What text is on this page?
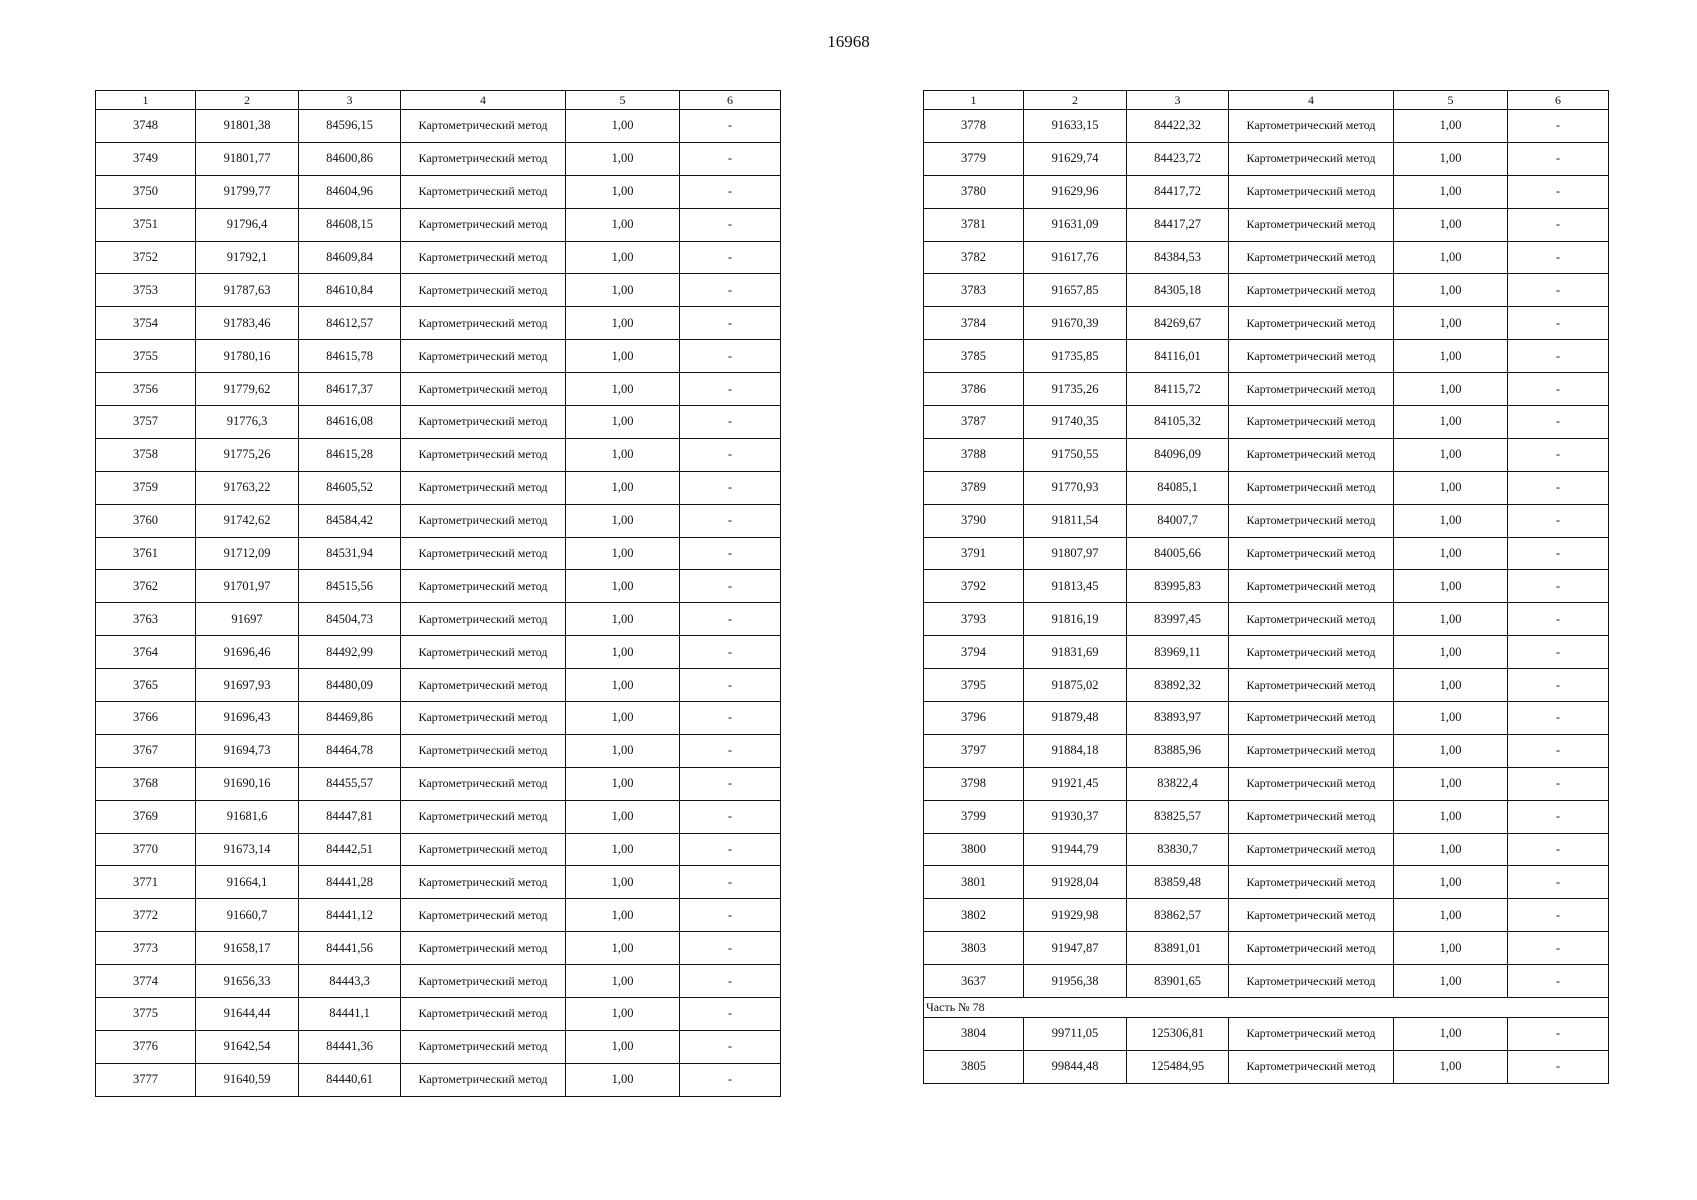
16968
1	2	3	4	5	6
3748	91801,38	84596,15	Картометрический метод	1,00	-
3749	91801,77	84600,86	Картометрический метод	1,00	-
3750	91799,77	84604,96	Картометрический метод	1,00	-
3751	91796,4	84608,15	Картометрический метод	1,00	-
3752	91792,1	84609,84	Картометрический метод	1,00	-
3753	91787,63	84610,84	Картометрический метод	1,00	-
3754	91783,46	84612,57	Картометрический метод	1,00	-
3755	91780,16	84615,78	Картометрический метод	1,00	-
3756	91779,62	84617,37	Картометрический метод	1,00	-
3757	91776,3	84616,08	Картометрический метод	1,00	-
3758	91775,26	84615,28	Картометрический метод	1,00	-
3759	91763,22	84605,52	Картометрический метод	1,00	-
3760	91742,62	84584,42	Картометрический метод	1,00	-
3761	91712,09	84531,94	Картометрический метод	1,00	-
3762	91701,97	84515,56	Картометрический метод	1,00	-
3763	91697	84504,73	Картометрический метод	1,00	-
3764	91696,46	84492,99	Картометрический метод	1,00	-
3765	91697,93	84480,09	Картометрический метод	1,00	-
3766	91696,43	84469,86	Картометрический метод	1,00	-
3767	91694,73	84464,78	Картометрический метод	1,00	-
3768	91690,16	84455,57	Картометрический метод	1,00	-
3769	91681,6	84447,81	Картометрический метод	1,00	-
3770	91673,14	84442,51	Картометрический метод	1,00	-
3771	91664,1	84441,28	Картометрический метод	1,00	-
3772	91660,7	84441,12	Картометрический метод	1,00	-
3773	91658,17	84441,56	Картометрический метод	1,00	-
3774	91656,33	84443,3	Картометрический метод	1,00	-
3775	91644,44	84441,1	Картометрический метод	1,00	-
3776	91642,54	84441,36	Картометрический метод	1,00	-
3777	91640,59	84440,61	Картометрический метод	1,00	-
1	2	3	4	5	6
3778	91633,15	84422,32	Картометрический метод	1,00	-
3779	91629,74	84423,72	Картометрический метод	1,00	-
3780	91629,96	84417,72	Картометрический метод	1,00	-
3781	91631,09	84417,27	Картометрический метод	1,00	-
3782	91617,76	84384,53	Картометрический метод	1,00	-
3783	91657,85	84305,18	Картометрический метод	1,00	-
3784	91670,39	84269,67	Картометрический метод	1,00	-
3785	91735,85	84116,01	Картометрический метод	1,00	-
3786	91735,26	84115,72	Картометрический метод	1,00	-
3787	91740,35	84105,32	Картометрический метод	1,00	-
3788	91750,55	84096,09	Картометрический метод	1,00	-
3789	91770,93	84085,1	Картометрический метод	1,00	-
3790	91811,54	84007,7	Картометрический метод	1,00	-
3791	91807,97	84005,66	Картометрический метод	1,00	-
3792	91813,45	83995,83	Картометрический метод	1,00	-
3793	91816,19	83997,45	Картометрический метод	1,00	-
3794	91831,69	83969,11	Картометрический метод	1,00	-
3795	91875,02	83892,32	Картометрический метод	1,00	-
3796	91879,48	83893,97	Картометрический метод	1,00	-
3797	91884,18	83885,96	Картометрический метод	1,00	-
3798	91921,45	83822,4	Картометрический метод	1,00	-
3799	91930,37	83825,57	Картометрический метод	1,00	-
3800	91944,79	83830,7	Картометрический метод	1,00	-
3801	91928,04	83859,48	Картометрический метод	1,00	-
3802	91929,98	83862,57	Картометрический метод	1,00	-
3803	91947,87	83891,01	Картометрический метод	1,00	-
3637	91956,38	83901,65	Картометрический метод	1,00	-
Часть № 78					
3804	99711,05	125306,81	Картометрический метод	1,00	-
3805	99844,48	125484,95	Картометрический метод	1,00	-
